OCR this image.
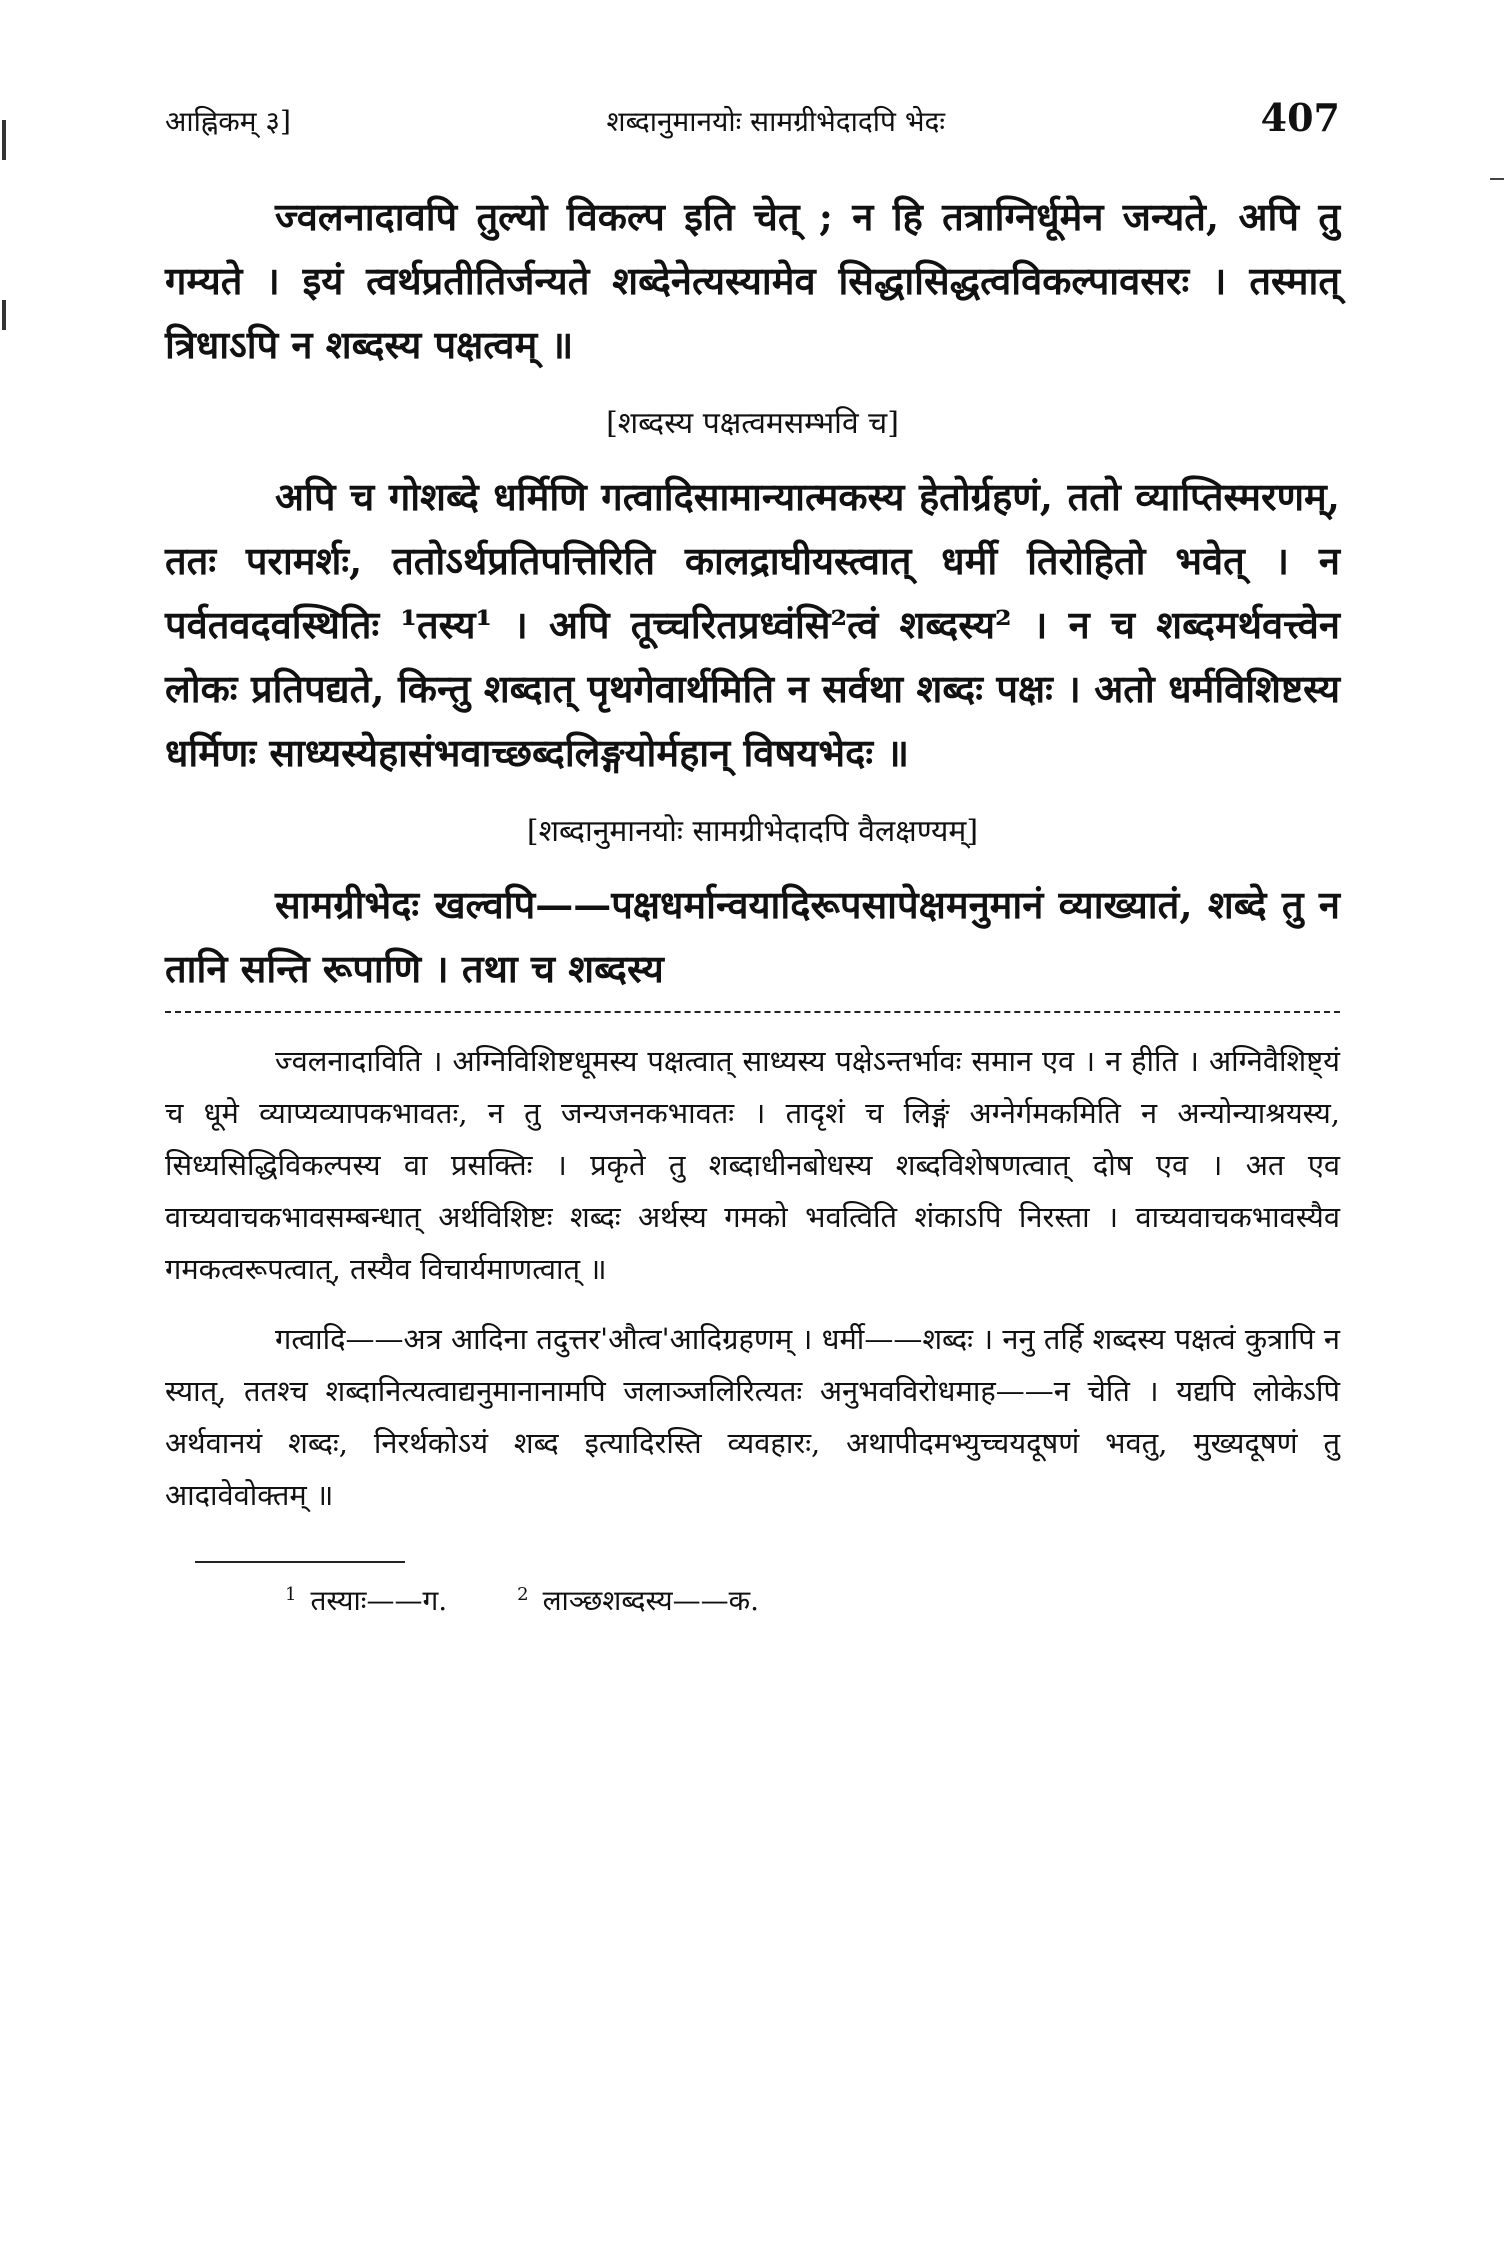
आह्निकम् ३]	शब्दानुमानयोः सामग्रीभेदादपि भेदः	407

ज्वलनादावपि तुल्यो विकल्प इति चेत् ; न हि तत्राग्निर्धूमेन जन्यते, अपि तु गम्यते । इयं त्वर्थप्रतीतिर्जन्यते शब्देनेत्यस्यामेव सिद्धासिद्धत्वविकल्पावसरः । तस्मात् त्रिधाऽपि न शब्दस्य पक्षत्वम् ॥

[शब्दस्य पक्षत्वमसम्भवि च]

अपि च गोशब्दे धर्मिणि गत्वादिसामान्यात्मकस्य हेतोर्ग्रहणं, ततो व्याप्तिस्मरणम्, ततः परामर्शः, ततोऽर्थप्रतिपत्तिरिति कालद्राघीयस्त्वात् धर्मी तिरोहितो भवेत् । न पर्वतवदवस्थितिः ¹तस्य¹ । अपि तूच्चरितप्रध्वंसि²त्वं शब्दस्य² । न च शब्दमर्थवत्त्वेन लोकः प्रतिपद्यते, किन्तु शब्दात् पृथगेवार्थमिति न सर्वथा शब्दः पक्षः । अतो धर्मविशिष्टस्य धर्मिणः साध्यस्येहासंभवाच्छब्दलिङ्गयोर्महान् विषयभेदः ॥

[शब्दानुमानयोः सामग्रीभेदादपि वैलक्षण्यम्]

सामग्रीभेदः खल्वपि——पक्षधर्मान्वयादिरूपसापेक्षमनुमानं व्याख्यातं, शब्दे तु न तानि सन्ति रूपाणि । तथा च शब्दस्य

ज्वलनादाविति । अग्निविशिष्टधूमस्य पक्षत्वात् साध्यस्य पक्षेऽन्तर्भावः समान एव । न हीति । अग्निवैशिष्ट्यं च धूमे व्याप्यव्यापकभावतः, न तु जन्यजनकभावतः । तादृशं च लिङ्गं अग्नेर्गमकमिति न अन्योन्याश्रयस्य, सिध्यसिद्धिविकल्पस्य वा प्रसक्तिः । प्रकृते तु शब्दाधीनबोधस्य शब्दविशेषणत्वात् दोष एव । अत एव वाच्यवाचकभावसम्बन्धात् अर्थविशिष्टः शब्दः अर्थस्य गमको भवत्विति शंकाऽपि निरस्ता । वाच्यवाचकभावस्यैव गमकत्वरूपत्वात्, तस्यैव विचार्यमाणत्वात् ॥

गत्वादि——अत्र आदिना तदुत्तर'औत्व'आदिग्रहणम् । धर्मी——शब्दः । ननु तर्हि शब्दस्य पक्षत्वं कुत्रापि न स्यात्, ततश्च शब्दानित्यत्वाद्यनुमानानामपि जलाञ्जलिरित्यतः अनुभवविरोधमाह——न चेति । यद्यपि लोकेऽपि अर्थवानयं शब्दः, निरर्थकोऽयं शब्द इत्यादिरस्ति व्यवहारः, अथापीदमभ्युच्चयदूषणं भवतु, मुख्यदूषणं तु आदावेवोक्तम् ॥

$^1$ तस्याः——ग.	$^2$ लाञ्छशब्दस्य——क.
